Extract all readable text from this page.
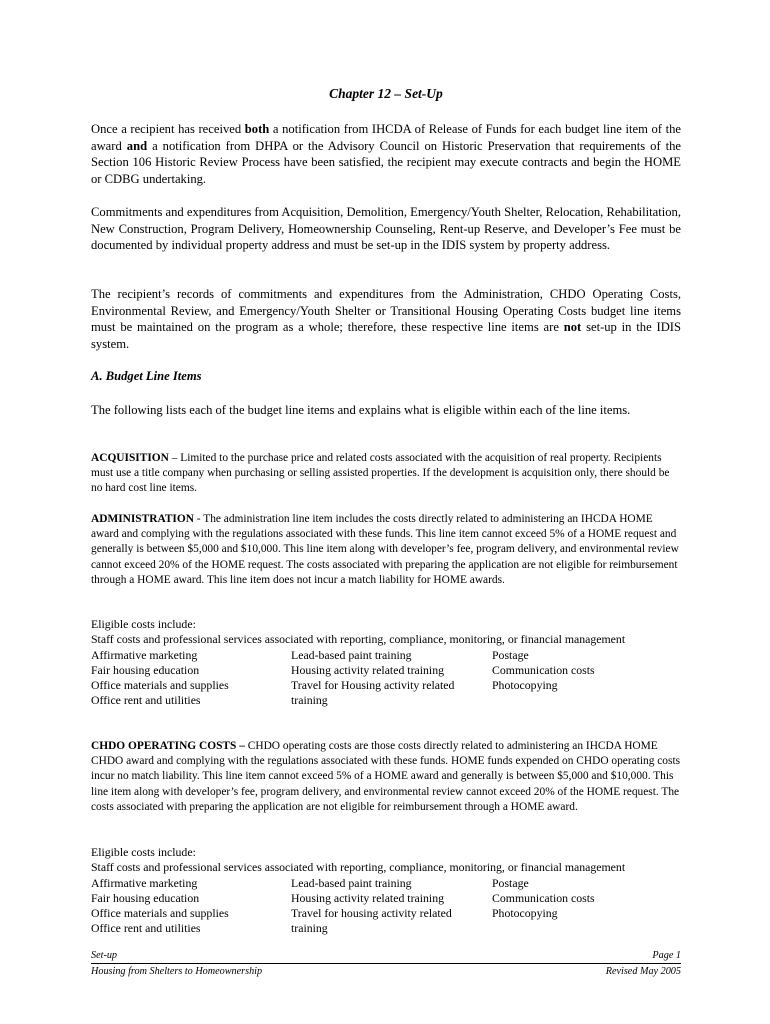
Chapter 12 – Set-Up

Once a recipient has received both a notification from IHCDA of Release of Funds for each budget line item of the award and a notification from DHPA or the Advisory Council on Historic Preservation that requirements of the Section 106 Historic Review Process have been satisfied, the recipient may execute contracts and begin the HOME or CDBG undertaking.

Commitments and expenditures from Acquisition, Demolition, Emergency/Youth Shelter, Relocation, Rehabilitation, New Construction, Program Delivery, Homeownership Counseling, Rent-up Reserve, and Developer’s Fee must be documented by individual property address and must be set-up in the IDIS system by property address.

The recipient’s records of commitments and expenditures from the Administration, CHDO Operating Costs, Environmental Review, and Emergency/Youth Shelter or Transitional Housing Operating Costs budget line items must be maintained on the program as a whole; therefore, these respective line items are not set-up in the IDIS system.

A. Budget Line Items

The following lists each of the budget line items and explains what is eligible within each of the line items.

ACQUISITION – Limited to the purchase price and related costs associated with the acquisition of real property. Recipients must use a title company when purchasing or selling assisted properties. If the development is acquisition only, there should be no hard cost line items.

ADMINISTRATION - The administration line item includes the costs directly related to administering an IHCDA HOME award and complying with the regulations associated with these funds. This line item cannot exceed 5% of a HOME request and generally is between $5,000 and $10,000. This line item along with developer’s fee, program delivery, and environmental review cannot exceed 20% of the HOME request. The costs associated with preparing the application are not eligible for reimbursement through a HOME award. This line item does not incur a match liability for HOME awards.

Eligible costs include:
Staff costs and professional services associated with reporting, compliance, monitoring, or financial management
Affirmative marketing	Lead-based paint training	Postage
Fair housing education	Housing activity related training	Communication costs
Office materials and supplies	Travel for Housing activity related	Photocopying
Office rent and utilities	training

CHDO OPERATING COSTS – CHDO operating costs are those costs directly related to administering an IHCDA HOME CHDO award and complying with the regulations associated with these funds. HOME funds expended on CHDO operating costs incur no match liability. This line item cannot exceed 5% of a HOME award and generally is between $5,000 and $10,000. This line item along with developer’s fee, program delivery, and environmental review cannot exceed 20% of the HOME request. The costs associated with preparing the application are not eligible for reimbursement through a HOME award.

Eligible costs include:
Staff costs and professional services associated with reporting, compliance, monitoring, or financial management
Affirmative marketing	Lead-based paint training	Postage
Fair housing education	Housing activity related training	Communication costs
Office materials and supplies	Travel for housing activity related	Photocopying
Office rent and utilities	training
Set-up	Page 1
Housing from Shelters to Homeownership	Revised May 2005
